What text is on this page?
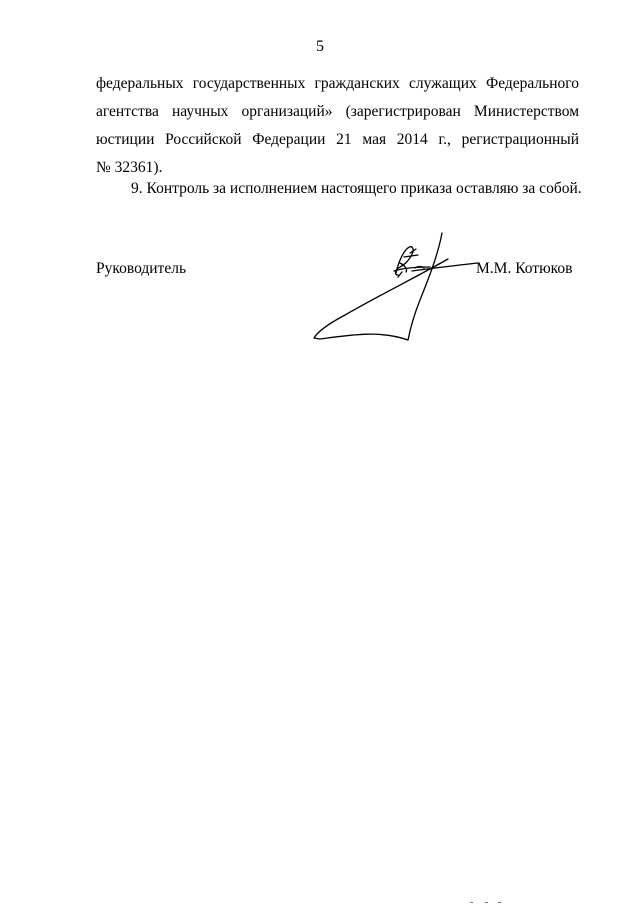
5
федеральных государственных гражданских служащих Федерального
агентства научных организаций» (зарегистрирован Министерством
юстиции Российской Федерации 21 мая 2014 г., регистрационный
№ 32361).
9. Контроль за исполнением настоящего приказа оставляю за собой.
Руководитель	М.М. Котюков
